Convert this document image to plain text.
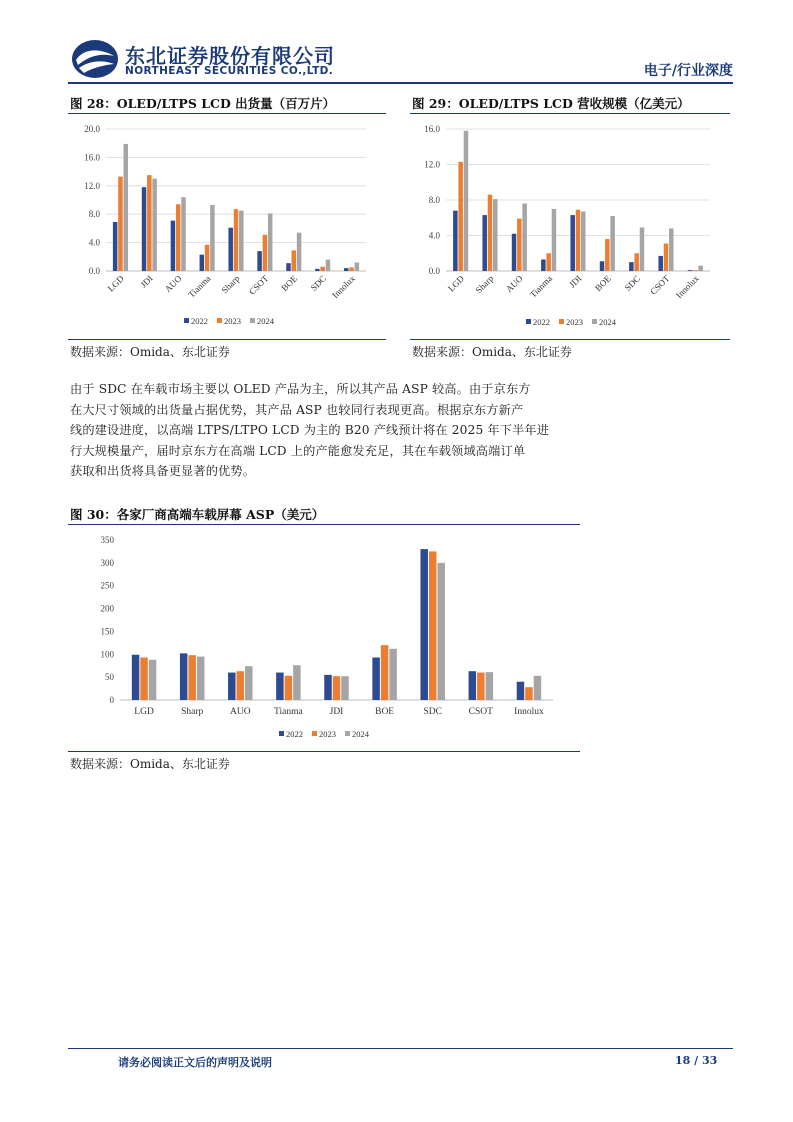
东北证券股份有限公司
NORTHEAST SECURITIES CO.,LTD.	电子/行业深度
图 28：OLED/LTPS LCD 出货量（百万片）
0.0
4.0
8.0
12.0
16.0
20.0
LGD JDI AUO Tianma Sharp CSOT BOE SDC Innolux
2022 2023 2024
数据来源：Omida、东北证券
图 29：OLED/LTPS LCD 营收规模（亿美元）
0.0
4.0
8.0
12.0
16.0
LGD Sharp AUO Tianma JDI BOE SDC CSOT Innolux
2022 2023 2024
数据来源：Omida、东北证券
由于 SDC 在车载市场主要以 OLED 产品为主，所以其产品 ASP 较高。由于京东方
在大尺寸领域的出货量占据优势，其产品 ASP 也较同行表现更高。根据京东方新产
线的建设进度，以高端 LTPS/LTPO LCD 为主的 B20 产线预计将在 2025 年下半年进
行大规模量产，届时京东方在高端 LCD 上的产能愈发充足，其在车载领域高端订单
获取和出货将具备更显著的优势。
图 30：各家厂商高端车载屏幕 ASP（美元）
0
50
100
150
200
250
300
350
LGD	Sharp	AUO Tianma	JDI	BOE	SDC	CSOT Innolux
2022 2023 2024
数据来源：Omida、东北证券
请务必阅读正文后的声明及说明	18 / 33
